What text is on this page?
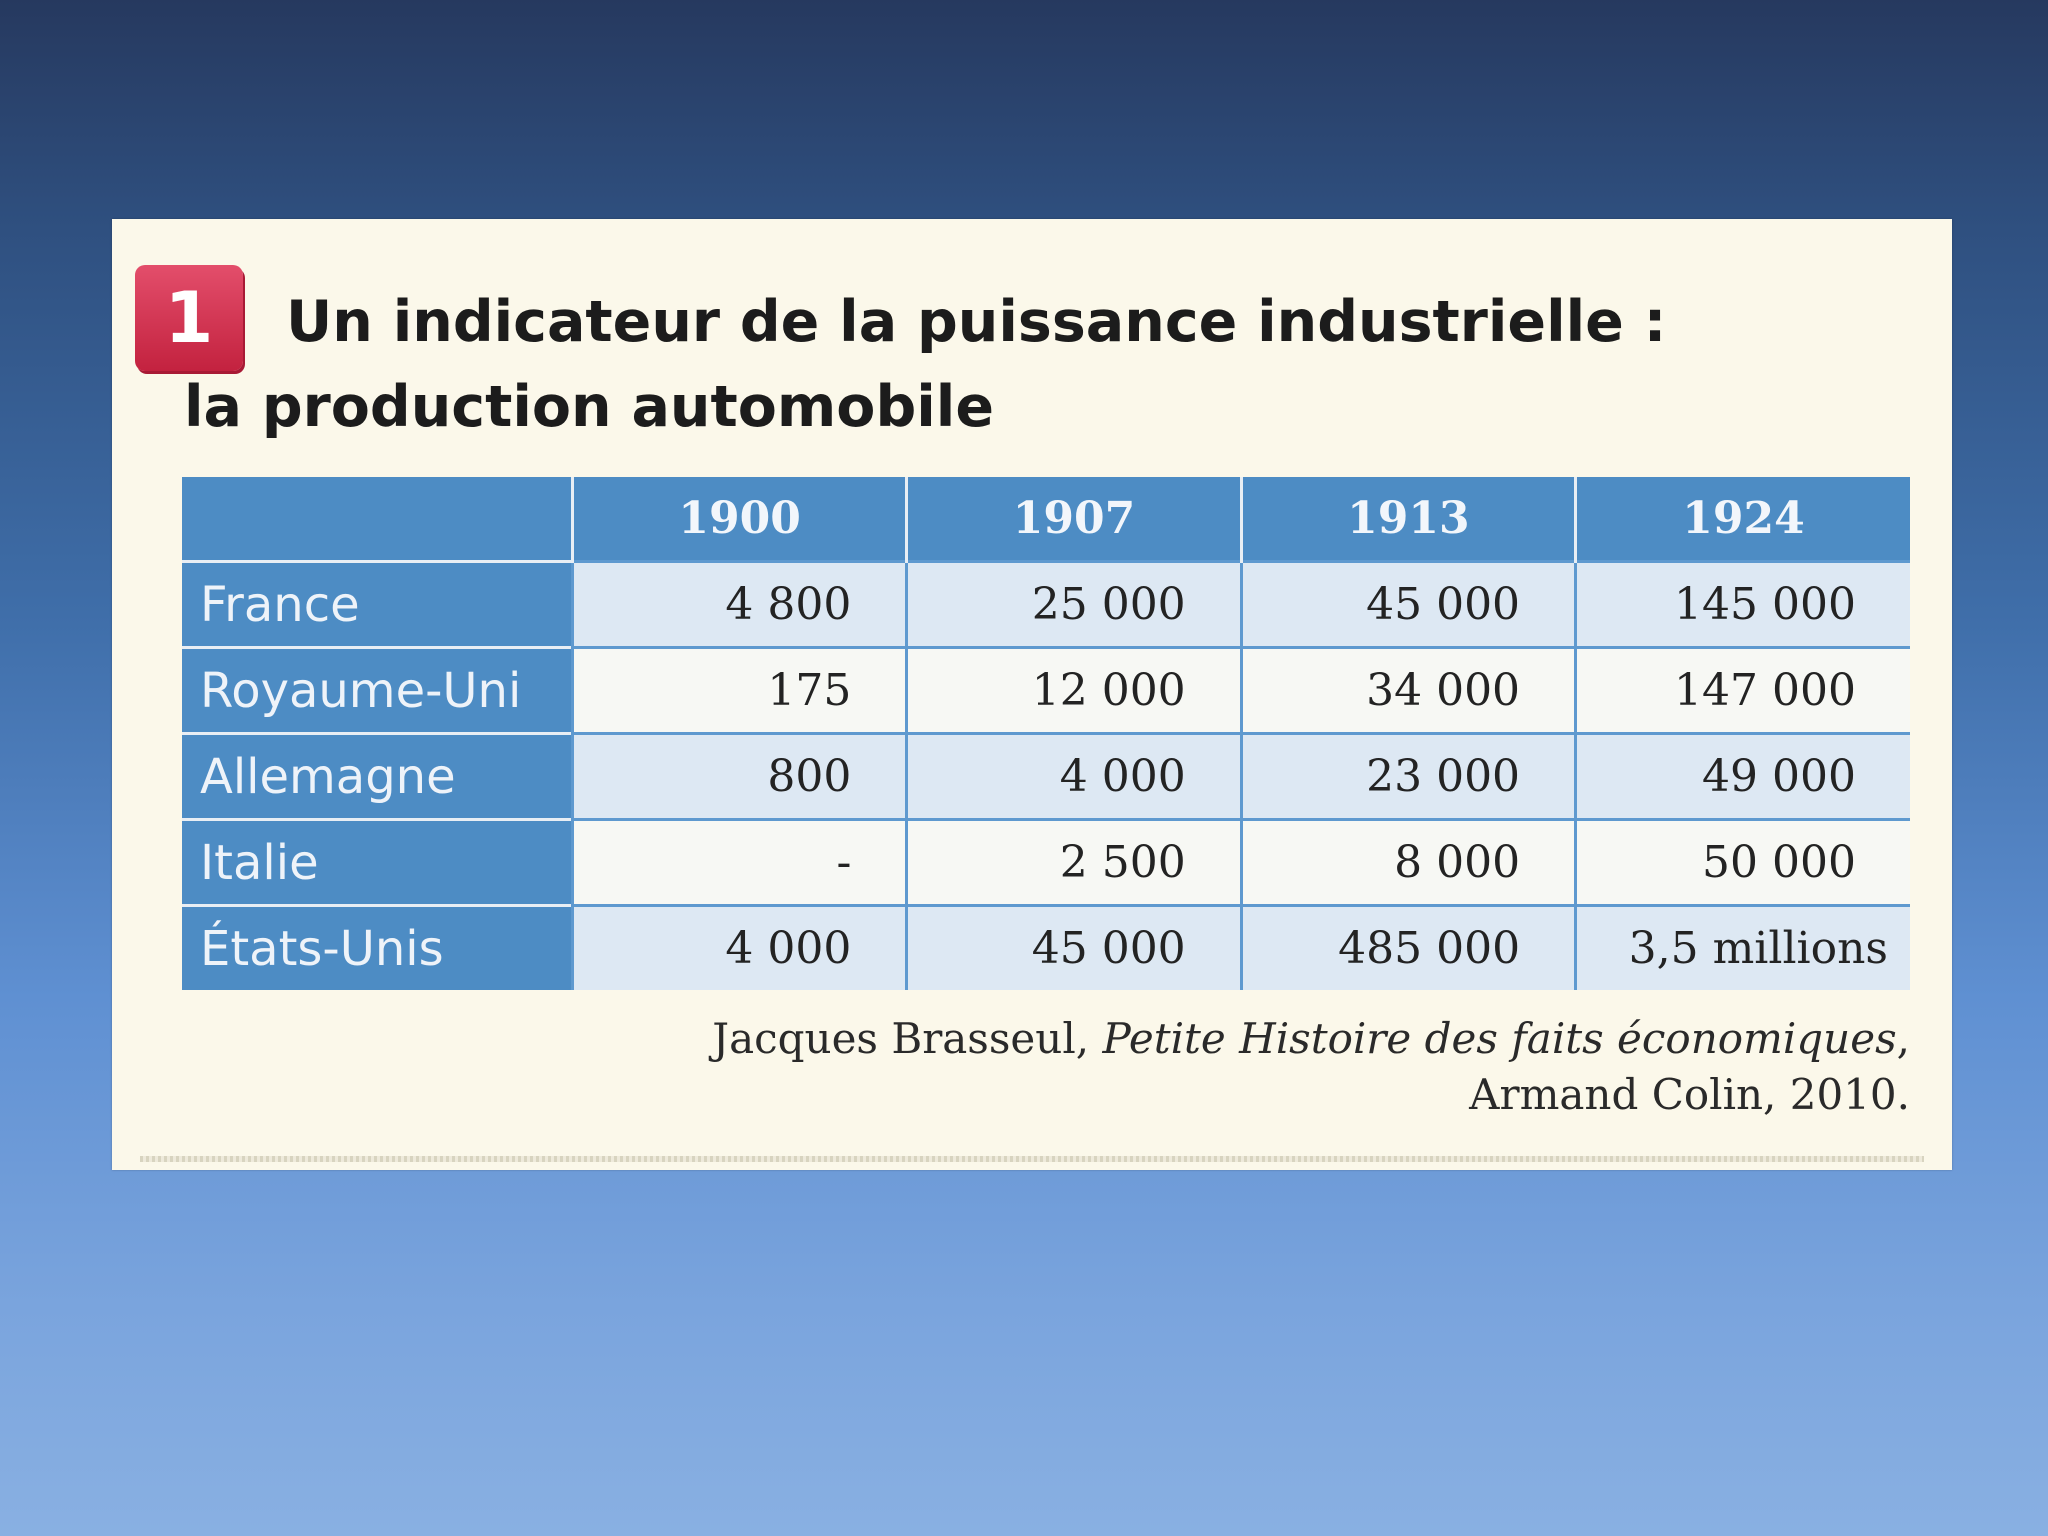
1	Un indicateur de la puissance industrielle :
la production automobile
	1900	1907	1913	1924
France	4 800	25 000	45 000	145 000
Royaume-Uni	175	12 000	34 000	147 000
Allemagne	800	4 000	23 000	49 000
Italie	-	2 500	8 000	50 000
États-Unis	4 000	45 000	485 000	3,5 millions
Jacques Brasseul, Petite Histoire des faits économiques,
Armand Colin, 2010.
